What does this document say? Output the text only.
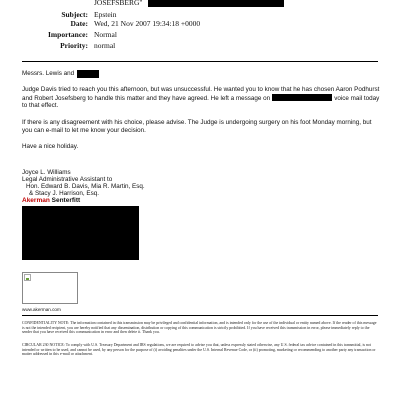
JOSEFSBERG"
Subject: Epstein
Date: Wed, 21 Nov 2007 19:34:18 +0000
Importance: Normal
Priority: normal
Messrs. Lewis and

Judge Davis tried to reach you this afternoon, but was unsuccessful. He wanted you to know that he has chosen Aaron Podhurst and Robert Josefsberg to handle this matter and they have agreed. He left a message on	voice mail today to that effect.

If there is any disagreement with his choice, please advise. The Judge is undergoing surgery on his foot Monday morning, but you can e-mail to let me know your decision.

Have a nice holiday.

Joyce L. Williams
Legal Administrative Assistant to
Hon. Edward B. Davis, Mia R. Martin, Esq.
& Stacy J. Harrison, Esq.
Akerman Senterfitt
www.akerman.com
CONFIDENTIALITY NOTE: The information contained in this transmission may be privileged and confidential information, and is intended only for the use of the individual or entity named above. If the reader of this message is not the intended recipient, you are hereby notified that any dissemination, distribution or copying of this communication is strictly prohibited. If you have received this transmission in error, please immediately reply to the sender that you have received this communication in error and then delete it. Thank you.
CIRCULAR 230 NOTICE: To comply with U.S. Treasury Department and IRS regulations, we are required to advise you that, unless expressly stated otherwise, any U.S. federal tax advice contained in this transmittal, is not intended or written to be used, and cannot be used, by any person for the purpose of (i) avoiding penalties under the U.S. Internal Revenue Code, or (ii) promoting, marketing or recommending to another party any transaction or matter addressed in this e-mail or attachment.
